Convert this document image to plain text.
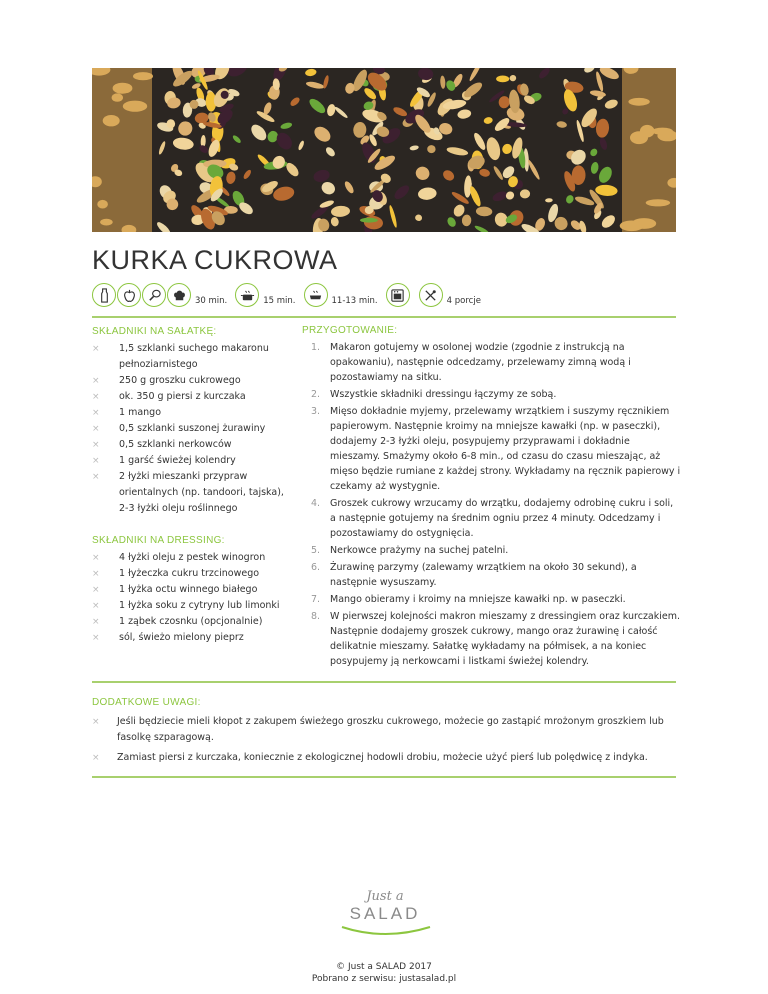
KURKA CUKROWA
30 min.	15 min.	11-13 min.	4 porcje
SKŁADNIKI NA SAŁATKĘ:
× 1,5 szklanki suchego makaronu pełnoziarnistego
× 250 g groszku cukrowego
× ok. 350 g piersi z kurczaka
× 1 mango
× 0,5 szklanki suszonej żurawiny
× 0,5 szklanki nerkowców
× 1 garść świeżej kolendry
× 2 łyżki mieszanki przypraw orientalnych (np. tandoori, tajska), 2-3 łyżki oleju roślinnego
SKŁADNIKI NA DRESSING:
× 4 łyżki oleju z pestek winogron
× 1 łyżeczka cukru trzcinowego
× 1 łyżka octu winnego białego
× 1 łyżka soku z cytryny lub limonki
× 1 ząbek czosnku (opcjonalnie)
× sól, świeżo mielony pieprz
PRZYGOTOWANIE:
1. Makaron gotujemy w osolonej wodzie (zgodnie z instrukcją na opakowaniu), następnie odcedzamy, przelewamy zimną wodą i pozostawiamy na sitku.
2. Wszystkie składniki dressingu łączymy ze sobą.
3. Mięso dokładnie myjemy, przelewamy wrzątkiem i suszymy ręcznikiem papierowym. Następnie kroimy na mniejsze kawałki (np. w paseczki), dodajemy 2-3 łyżki oleju, posypujemy przyprawami i dokładnie mieszamy. Smażymy około 6-8 min., od czasu do czasu mieszając, aż mięso będzie rumiane z każdej strony. Wykładamy na ręcznik papierowy i czekamy aż wystygnie.
4. Groszek cukrowy wrzucamy do wrzątku, dodajemy odrobinę cukru i soli, a następnie gotujemy na średnim ogniu przez 4 minuty. Odcedzamy i pozostawiamy do ostygnięcia.
5. Nerkowce prażymy na suchej patelni.
6. Żurawinę parzymy (zalewamy wrzątkiem na około 30 sekund), a następnie wysuszamy.
7. Mango obieramy i kroimy na mniejsze kawałki np. w paseczki.
8. W pierwszej kolejności makron mieszamy z dressingiem oraz kurczakiem. Następnie dodajemy groszek cukrowy, mango oraz żurawinę i całość delikatnie mieszamy. Sałatkę wykładamy na półmisek, a na koniec posypujemy ją nerkowcami i listkami świeżej kolendry.
DODATKOWE UWAGI:
× Jeśli będziecie mieli kłopot z zakupem świeżego groszku cukrowego, możecie go zastąpić mrożonym groszkiem lub fasolkę szparagową.
× Zamiast piersi z kurczaka, koniecznie z ekologicznej hodowli drobiu, możecie użyć pierś lub polędwicę z indyka.
Just a
SALAD
© Just a SALAD 2017
Pobrano z serwisu: justasalad.pl
